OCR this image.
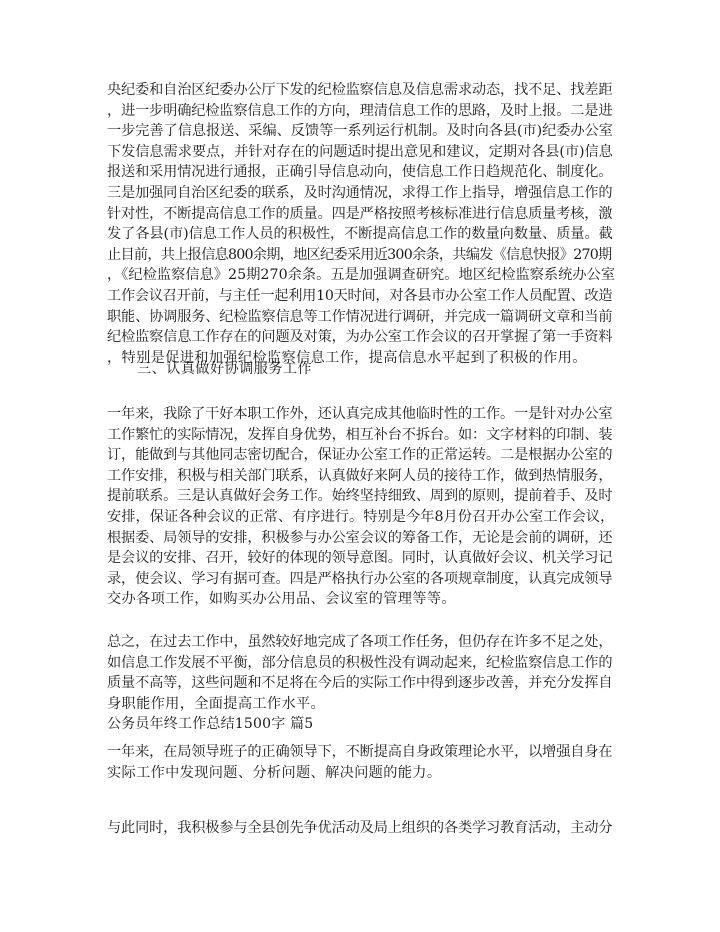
央纪委和自治区纪委办公厅下发的纪检监察信息及信息需求动态，找不足、找差距
，进一步明确纪检监察信息工作的方向，理清信息工作的思路，及时上报。二是进
一步完善了信息报送、采编、反馈等一系列运行机制。及时向各县(市)纪委办公室
下发信息需求要点，并针对存在的问题适时提出意见和建议，定期对各县(市)信息
报送和采用情况进行通报，正确引导信息动向，使信息工作日趋规范化、制度化。
三是加强同自治区纪委的联系，及时沟通情况，求得工作上指导，增强信息工作的
针对性，不断提高信息工作的质量。四是严格按照考核标准进行信息质量考核，激
发了各县(市)信息工作人员的积极性，不断提高信息工作的数量向数量、质量。截
止目前，共上报信息800余期，地区纪委采用近300余条，共编发《信息快报》270期
，《纪检监察信息》25期270余条。五是加强调查研究。地区纪检监察系统办公室
工作会议召开前，与主任一起利用10天时间，对各县市办公室工作人员配置、改造
职能、协调服务、纪检监察信息等工作情况进行调研，并完成一篇调研文章和当前
纪检监察信息工作存在的问题及对策，为办公室工作会议的召开掌握了第一手资料
，特别是促进和加强纪检监察信息工作，提高信息水平起到了积极的作用。

三、认真做好协调服务工作

一年来，我除了干好本职工作外，还认真完成其他临时性的工作。一是针对办公室
工作繁忙的实际情况，发挥自身优势，相互补台不拆台。如：文字材料的印制、装
订，能做到与其他同志密切配合，保证办公室工作的正常运转。二是根据办公室的
工作安排，积极与相关部门联系，认真做好来阿人员的接待工作，做到热情服务，
提前联系。三是认真做好会务工作。始终坚持细致、周到的原则，提前着手、及时
安排，保证各种会议的正常、有序进行。特别是今年8月份召开办公室工作会议，
根据委、局领导的安排，积极参与办公室会议的筹备工作，无论是会前的调研，还
是会议的安排、召开，较好的体现的领导意图。同时，认真做好会议、机关学习记
录，使会议、学习有据可查。四是严格执行办公室的各项规章制度，认真完成领导
交办各项工作，如购买办公用品、会议室的管理等等。
总之，在过去工作中，虽然较好地完成了各项工作任务，但仍存在许多不足之处，
如信息工作发展不平衡，部分信息员的积极性没有调动起来，纪检监察信息工作的
质量不高等，这些问题和不足将在今后的实际工作中得到逐步改善，并充分发挥自
身职能作用，全面提高工作水平。

公务员年终工作总结1500字 篇5

一年来，在局领导班子的正确领导下，不断提高自身政策理论水平，以增强自身在
实际工作中发现问题、分析问题、解决问题的能力。
与此同时，我积极参与全县创先争优活动及局上组织的各类学习教育活动，主动分
